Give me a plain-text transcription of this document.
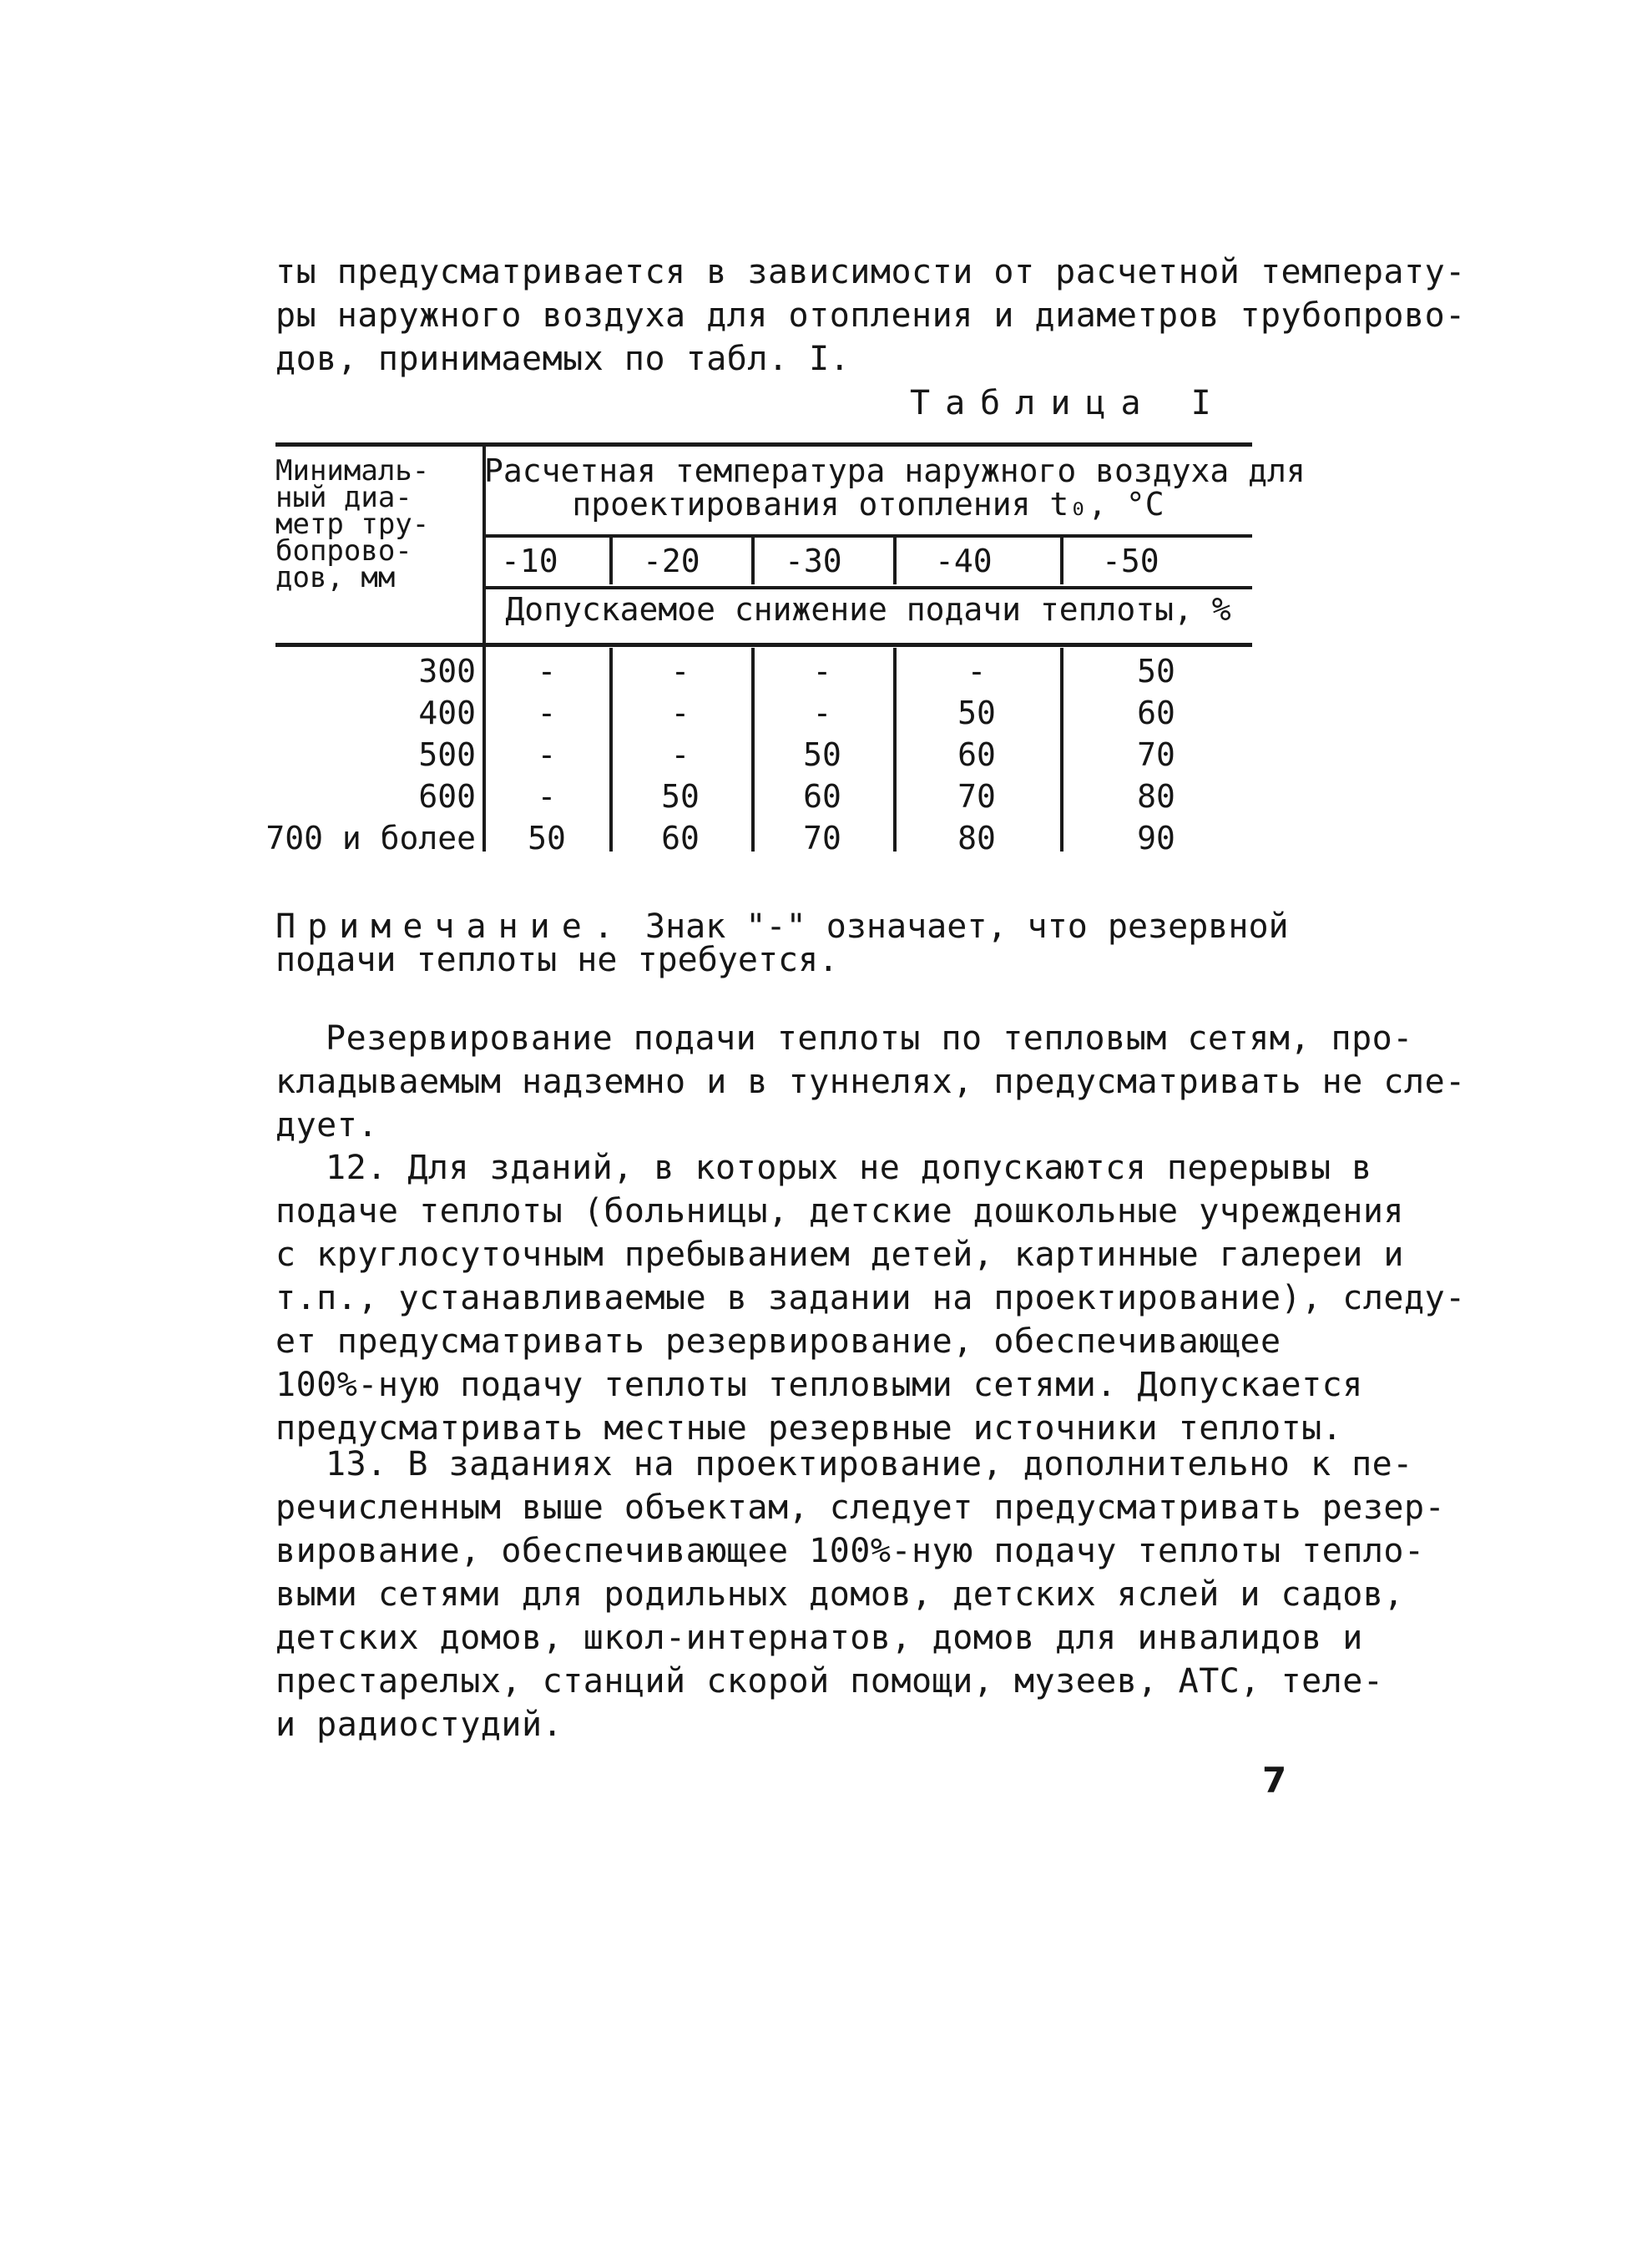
ты предусматривается в зависимости от расчетной температу-
ры наружного воздуха для отопления и диаметров трубопрово-
дов, принимаемых по табл. I.

Таблица I
Минималь-
ный диа-
метр тру-
бопрово-
дов, мм
Расчетная температура наружного воздуха для
проектирования отопления t₀, °С
-10	-20	-30	-40	-50
Допускаемое снижение подачи теплоты, %
300	-	-	-	-	50
400	-	-	-	50	60
500	-	-	50	60	70
600	-	50	60	70	80
700 и более	50	60	70	80	90
Примечание. Знак "-" означает, что резервной
подачи теплоты не требуется.

Резервирование подачи теплоты по тепловым сетям, про-
кладываемым надземно и в туннелях, предусматривать не сле-
дует.

12. Для зданий, в которых не допускаются перерывы в
подаче теплоты (больницы, детские дошкольные учреждения
с круглосуточным пребыванием детей, картинные галереи и
т.п., устанавливаемые в задании на проектирование), следу-
ет предусматривать резервирование, обеспечивающее
100%-ную подачу теплоты тепловыми сетями. Допускается
предусматривать местные резервные источники теплоты.

13. В заданиях на проектирование, дополнительно к пе-
речисленным выше объектам, следует предусматривать резер-
вирование, обеспечивающее 100%-ную подачу теплоты тепло-
выми сетями для родильных домов, детских яслей и садов,
детских домов, школ-интернатов, домов для инвалидов и
престарелых, станций скорой помощи, музеев, АТС, теле-
и радиостудий.

7
